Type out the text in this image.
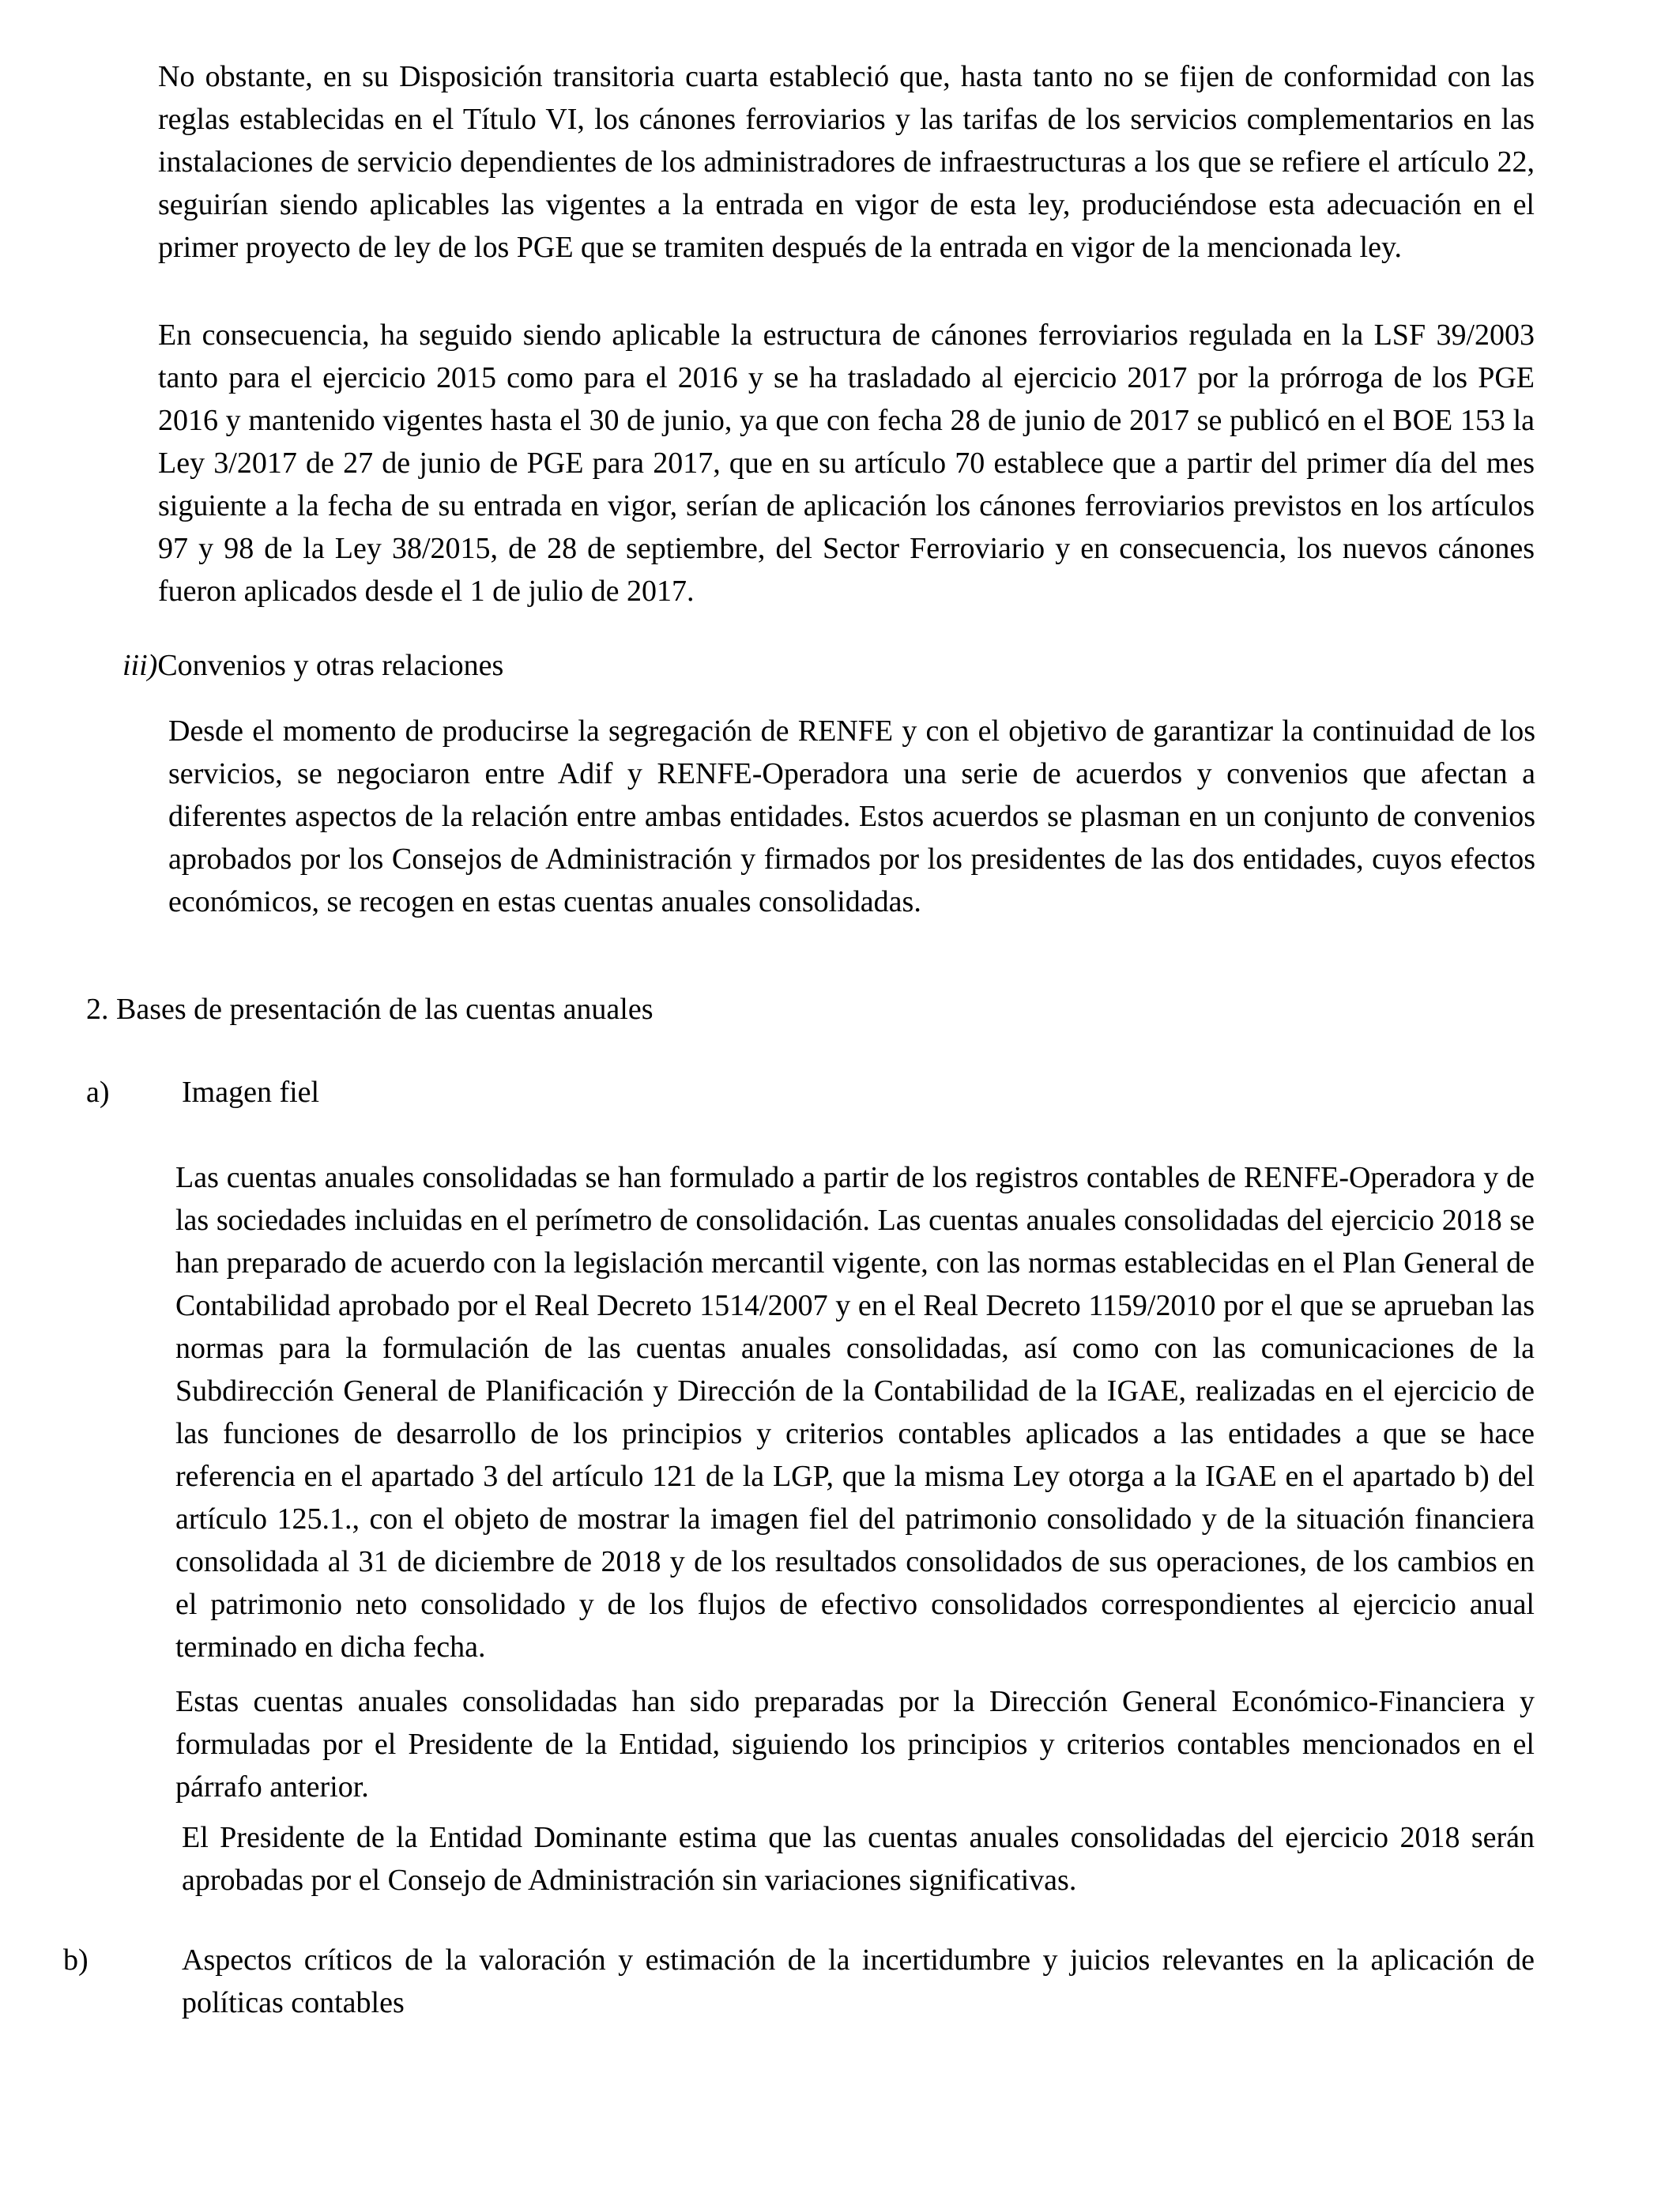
No obstante, en su Disposición transitoria cuarta estableció que, hasta tanto no se fijen de conformidad con las reglas establecidas en el Título VI, los cánones ferroviarios y las tarifas de los servicios complementarios en las instalaciones de servicio dependientes de los administradores de infraestructuras a los que se refiere el artículo 22, seguirían siendo aplicables las vigentes a la entrada en vigor de esta ley, produciéndose esta adecuación en el primer proyecto de ley de los PGE que se tramiten después de la entrada en vigor de la mencionada ley.

En consecuencia, ha seguido siendo aplicable la estructura de cánones ferroviarios regulada en la LSF 39/2003 tanto para el ejercicio 2015 como para el 2016 y se ha trasladado al ejercicio 2017 por la prórroga de los PGE 2016 y mantenido vigentes hasta el 30 de junio, ya que con fecha 28 de junio de 2017 se publicó en el BOE 153 la Ley 3/2017 de 27 de junio de PGE para 2017, que en su artículo 70 establece que a partir del primer día del mes siguiente a la fecha de su entrada en vigor, serían de aplicación los cánones ferroviarios previstos en los artículos 97 y 98 de la Ley 38/2015, de 28 de septiembre, del Sector Ferroviario y en consecuencia, los nuevos cánones fueron aplicados desde el 1 de julio de 2017.

iii)Convenios y otras relaciones

Desde el momento de producirse la segregación de RENFE y con el objetivo de garantizar la continuidad de los servicios, se negociaron entre Adif y RENFE-Operadora una serie de acuerdos y convenios que afectan a diferentes aspectos de la relación entre ambas entidades. Estos acuerdos se plasman en un conjunto de convenios aprobados por los Consejos de Administración y firmados por los presidentes de las dos entidades, cuyos efectos económicos, se recogen en estas cuentas anuales consolidadas.

2. Bases de presentación de las cuentas anuales
a) Imagen fiel

Las cuentas anuales consolidadas se han formulado a partir de los registros contables de RENFE-Operadora y de las sociedades incluidas en el perímetro de consolidación. Las cuentas anuales consolidadas del ejercicio 2018 se han preparado de acuerdo con la legislación mercantil vigente, con las normas establecidas en el Plan General de Contabilidad aprobado por el Real Decreto 1514/2007 y en el Real Decreto 1159/2010 por el que se aprueban las normas para la formulación de las cuentas anuales consolidadas, así como con las comunicaciones de la Subdirección General de Planificación y Dirección de la Contabilidad de la IGAE, realizadas en el ejercicio de las funciones de desarrollo de los principios y criterios contables aplicados a las entidades a que se hace referencia en el apartado 3 del artículo 121 de la LGP, que la misma Ley otorga a la IGAE en el apartado b) del artículo 125.1., con el objeto de mostrar la imagen fiel del patrimonio consolidado y de la situación financiera consolidada al 31 de diciembre de 2018 y de los resultados consolidados de sus operaciones, de los cambios en el patrimonio neto consolidado y de los flujos de efectivo consolidados correspondientes al ejercicio anual terminado en dicha fecha.

Estas cuentas anuales consolidadas han sido preparadas por la Dirección General Económico-Financiera y formuladas por el Presidente de la Entidad, siguiendo los principios y criterios contables mencionados en el párrafo anterior.

El Presidente de la Entidad Dominante estima que las cuentas anuales consolidadas del ejercicio 2018 serán aprobadas por el Consejo de Administración sin variaciones significativas.

b)	Aspectos críticos de la valoración y estimación de la incertidumbre y juicios relevantes en la aplicación de políticas contables
